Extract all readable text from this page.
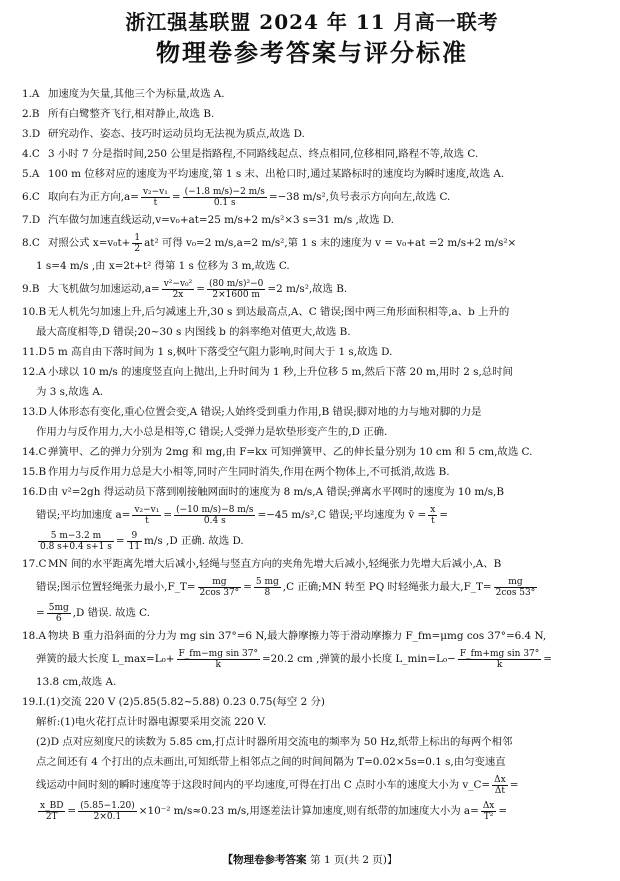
浙江强基联盟 2024 年 11 月高一联考
物理卷参考答案与评分标准

1.A 加速度为矢量,其他三个为标量,故选 A.

2.B 所有白鹭整齐飞行,相对静止,故选 B.

3.D 研究动作、姿态、技巧时运动员均无法视为质点,故选 D.

4.C 3 小时 7 分是指时间,250 公里是指路程,不同路线起点、终点相同,位移相同,路程不等,故选 C.

5.A 100 m 位移对应的速度为平均速度,第 1 s 末、出枪口时,通过某路标时的速度均为瞬时速度,故选 A.

6.C 取向右为正方向$,a= \frac{\text{v₂−v₁}}{t} = \frac{(-1.8 m/s)-2 m/s}{0.1 s} =-38$ m/s²,负号表示方向向左,故选 C.

7.D 汽车做匀加速直线运动,v=v₀+at=25 m/s+2 m/s²×3 s=31 m/s ,故选 D.

8.C 对照公式 $x=v_0t+ \frac{1}{2} at^2$ 可得 v₀=2 m/s,a=2 m/s²,第 1 s 末的速度为 v = v₀+at =2 m/s+2 m/s²×

1 s=4 m/s ,由 x=2t+t² 得第 1 s 位移为 3 m,故选 C.

9.B 大飞机做匀加速运动$,a= \frac{\text{v²−v₀²}}{2x} = \frac{\text{(80 m/s)²−0}}{2\times 1600 m} =2$ m/s²,故选 B.

10.B 无人机先匀加速上升,后匀减速上升,30 s 到达最高点,A、C 错误;图中两三角形面积相等,a、b 上升的

最大高度相等,D 错误;20~30 s 内图线 b 的斜率绝对值更大,故选 B.

11.D5 m 高自由下落时间为 1 s,枫叶下落受空气阻力影响,时间大于 1 s,故选 D.

12.A 小球以 10 m/s 的速度竖直向上抛出,上升时间为 1 秒,上升位移 5 m,然后下落 20 m,用时 2 s,总时间

为 3 s,故选 A.

13.D人体形态有变化,重心位置会变,A 错误;人始终受到重力作用,B 错误;脚对地的力与地对脚的力是

作用力与反作用力,大小总是相等,C 错误;人受弹力是软垫形变产生的,D 正确.

14.C 弹簧甲、乙的弹力分别为 2mg 和 mg,由 F=kx 可知弹簧甲、乙的伸长量分别为 10 cm 和 5 cm,故选 C.

15.B 作用力与反作用力总是大小相等,同时产生同时消失,作用在两个物体上,不可抵消,故选 B.

16.D由 v²=2gh 得运动员下落到刚接触网面时的速度为 8 m/s,A 错误;弹离水平网时的速度为 10 m/s,B

错误;平均加速度 $a= \frac{\text{v₂−v₁}}{t} = \frac{(-10 m/s)-8 m/s}{0.4 s} =-45$ m/s²,C 错误;平均速度为 v̄ = $\frac{x}{t}$ =

$\frac{5 m-3.2 m}{0.8 s+0.4 s+1 s} = \frac{9}{11} m/s$ ,D 正确. 故选 D.

17.C MN 间的水平距离先增大后减小,轻绳与竖直方向的夹角先增大后减小,轻绳张力先增大后减小,A、B

错误;图示位置轻绳张力最小,F_T= $\frac{mg}{2\cos 37^\circ} = \frac{5 mg}{8} ,C$ 正确;MN 转至 PQ 时轻绳张力最大,F_T= $\frac{mg}{2\cos 53^\circ}$

= $\frac{5mg}{6} ,D$ 错误. 故选 C.

18.A 物块 B 重力沿斜面的分力为 mg sin 37°=6 N,最大静摩擦力等于滑动摩擦力 F_fm=μmg cos 37°=6.4 N,

弹簧的最大长度 L_max=L₀+ $\frac{\text{F\_fm−mg sin 37°}}{k} =20.2$ cm ,弹簧的最小长度 L_min=L₀− $\frac{\text{F\_fm+mg sin 37°}}{k}$ =

13.8 cm,故选 A.

19.Ⅰ.(1)交流 220 V (2)5.85(5.82~5.88) 0.23 0.75(每空 2 分)

解析:(1)电火花打点计时器电源要采用交流 220 V.

(2)D 点对应刻度尺的读数为 5.85 cm,打点计时器所用交流电的频率为 50 Hz,纸带上标出的每两个相邻

点之间还有 4 个打出的点未画出,可知纸带上相邻点之间的时间间隔为 T=0.02×5s=0.1 s,由匀变速直

线运动中间时刻的瞬时速度等于这段时间内的平均速度,可得在打出 C 点时小车的速度大小为 v_C= $\frac{\Delta x}{\Delta t}$ =

$\frac{x\_BD}{2T} = \frac{(5.85-1.20)}{2\times 0.1} \times 10^{-2}$ m/s≈0.23 m/s,用逐差法计算加速度,则有纸带的加速度大小为 $a= \frac{\Delta x}{\text{T²}}$ =

【物理卷参考答案 第 1 页(共 2 页)】
